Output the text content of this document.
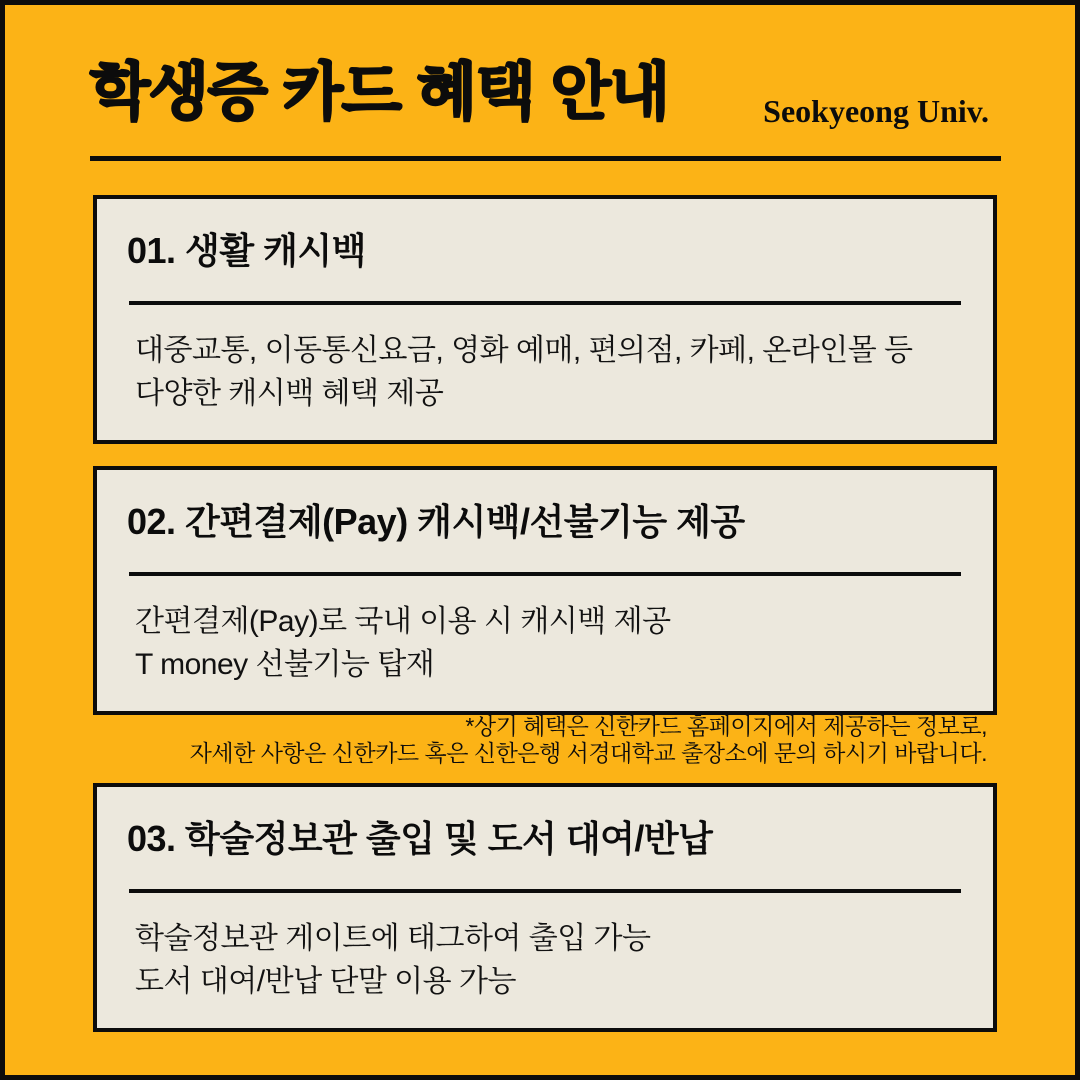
학생증 카드 혜택 안내	Seokyeong Univ.
01. 생활 캐시백

대중교통, 이동통신요금, 영화 예매, 편의점, 카페, 온라인몰 등

다양한 캐시백 혜택 제공

02. 간편결제(Pay) 캐시백/선불기능 제공

간편결제(Pay)로 국내 이용 시 캐시백 제공

T money 선불기능 탑재

*상기 혜택은 신한카드 홈페이지에서 제공하는 정보로,

자세한 사항은 신한카드 혹은 신한은행 서경대학교 출장소에 문의 하시기 바랍니다.

03. 학술정보관 출입 및 도서 대여/반납

학술정보관 게이트에 태그하여 출입 가능

도서 대여/반납 단말 이용 가능
